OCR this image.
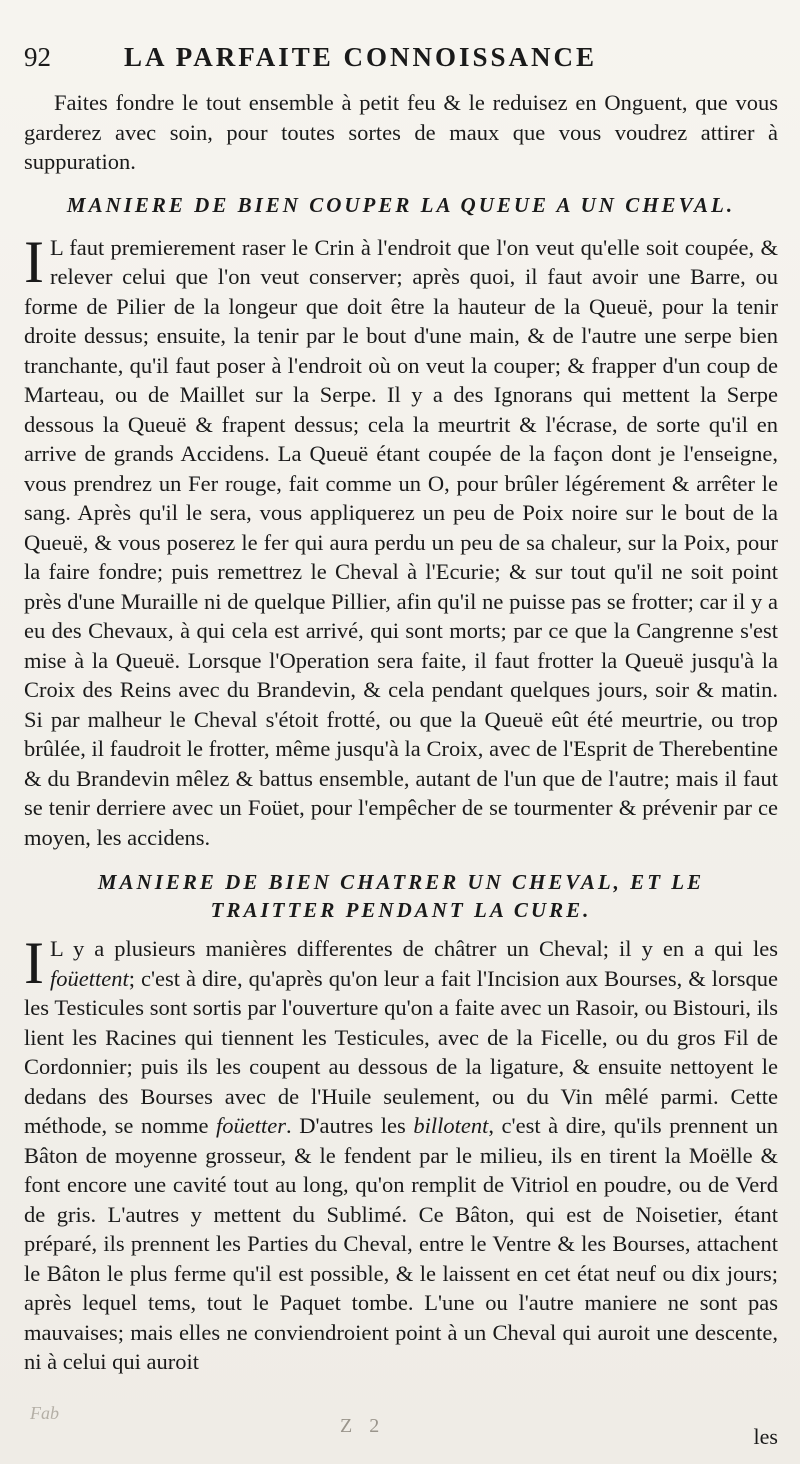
92	LA PARFAITE CONNOISSANCE

Faites fondre le tout ensemble à petit feu & le reduisez en Onguent, que vous garderez avec soin, pour toutes sortes de maux que vous voudrez attirer à suppuration.

MANIERE DE BIEN COUPER LA QUEUE A UN CHEVAL.

I L faut premierement raser le Crin à l'endroit que l'on veut qu'elle soit coupée, & relever celui que l'on veut conserver; après quoi, il faut avoir une Barre, ou forme de Pilier de la longeur que doit être la hauteur de la Queuë, pour la tenir droite dessus; ensuite, la tenir par le bout d'une main, & de l'autre une serpe bien tranchante, qu'il faut poser à l'endroit où on veut la couper; & frapper d'un coup de Marteau, ou de Maillet sur la Serpe. Il y a des Ignorans qui mettent la Serpe dessous la Queuë & frapent dessus; cela la meurtrit & l'écrase, de sorte qu'il en arrive de grands Accidens. La Queuë étant coupée de la façon dont je l'enseigne, vous prendrez un Fer rouge, fait comme un O, pour brûler légérement & arrêter le sang. Après qu'il le sera, vous appliquerez un peu de Poix noire sur le bout de la Queuë, & vous poserez le fer qui aura perdu un peu de sa chaleur, sur la Poix, pour la faire fondre; puis remettrez le Cheval à l'Ecurie; & sur tout qu'il ne soit point près d'une Muraille ni de quelque Pillier, afin qu'il ne puisse pas se frotter; car il y a eu des Chevaux, à qui cela est arrivé, qui sont morts; par ce que la Cangrenne s'est mise à la Queuë. Lorsque l'Operation sera faite, il faut frotter la Queuë jusqu'à la Croix des Reins avec du Brandevin, & cela pendant quelques jours, soir & matin. Si par malheur le Cheval s'étoit frotté, ou que la Queuë eût été meurtrie, ou trop brûlée, il faudroit le frotter, même jusqu'à la Croix, avec de l'Esprit de Therebentine & du Brandevin mêlez & battus ensemble, autant de l'un que de l'autre; mais il faut se tenir derriere avec un Foüet, pour l'empêcher de se tourmenter & prévenir par ce moyen, les accidens.

MANIERE DE BIEN CHATRER UN CHEVAL, ET LE
TRAITTER PENDANT LA CURE.

I L y a plusieurs manières differentes de châtrer un Cheval; il y en a qui les foüettent; c'est à dire, qu'après qu'on leur a fait l'Incision aux Bourses, & lorsque les Testicules sont sortis par l'ouverture qu'on a faite avec un Rasoir, ou Bistouri, ils lient les Racines qui tiennent les Testicules, avec de la Ficelle, ou du gros Fil de Cordonnier; puis ils les coupent au dessous de la ligature, & ensuite nettoyent le dedans des Bourses avec de l'Huile seulement, ou du Vin mêlé parmi. Cette méthode, se nomme foüetter. D'autres les billotent, c'est à dire, qu'ils prennent un Bâton de moyenne grosseur, & le fendent par le milieu, ils en tirent la Moëlle & font encore une cavité tout au long, qu'on remplit de Vitriol en poudre, ou de Verd de gris. L'autres y mettent du Sublimé. Ce Bâton, qui est de Noisetier, étant préparé, ils prennent les Parties du Cheval, entre le Ventre & les Bourses, attachent le Bâton le plus ferme qu'il est possible, & le laissent en cet état neuf ou dix jours; après lequel tems, tout le Paquet tombe. L'une ou l'autre maniere ne sont pas mauvaises; mais elles ne conviendroient point à un Cheval qui auroit une descente, ni à celui qui auroit

Fab
Z 2	les
